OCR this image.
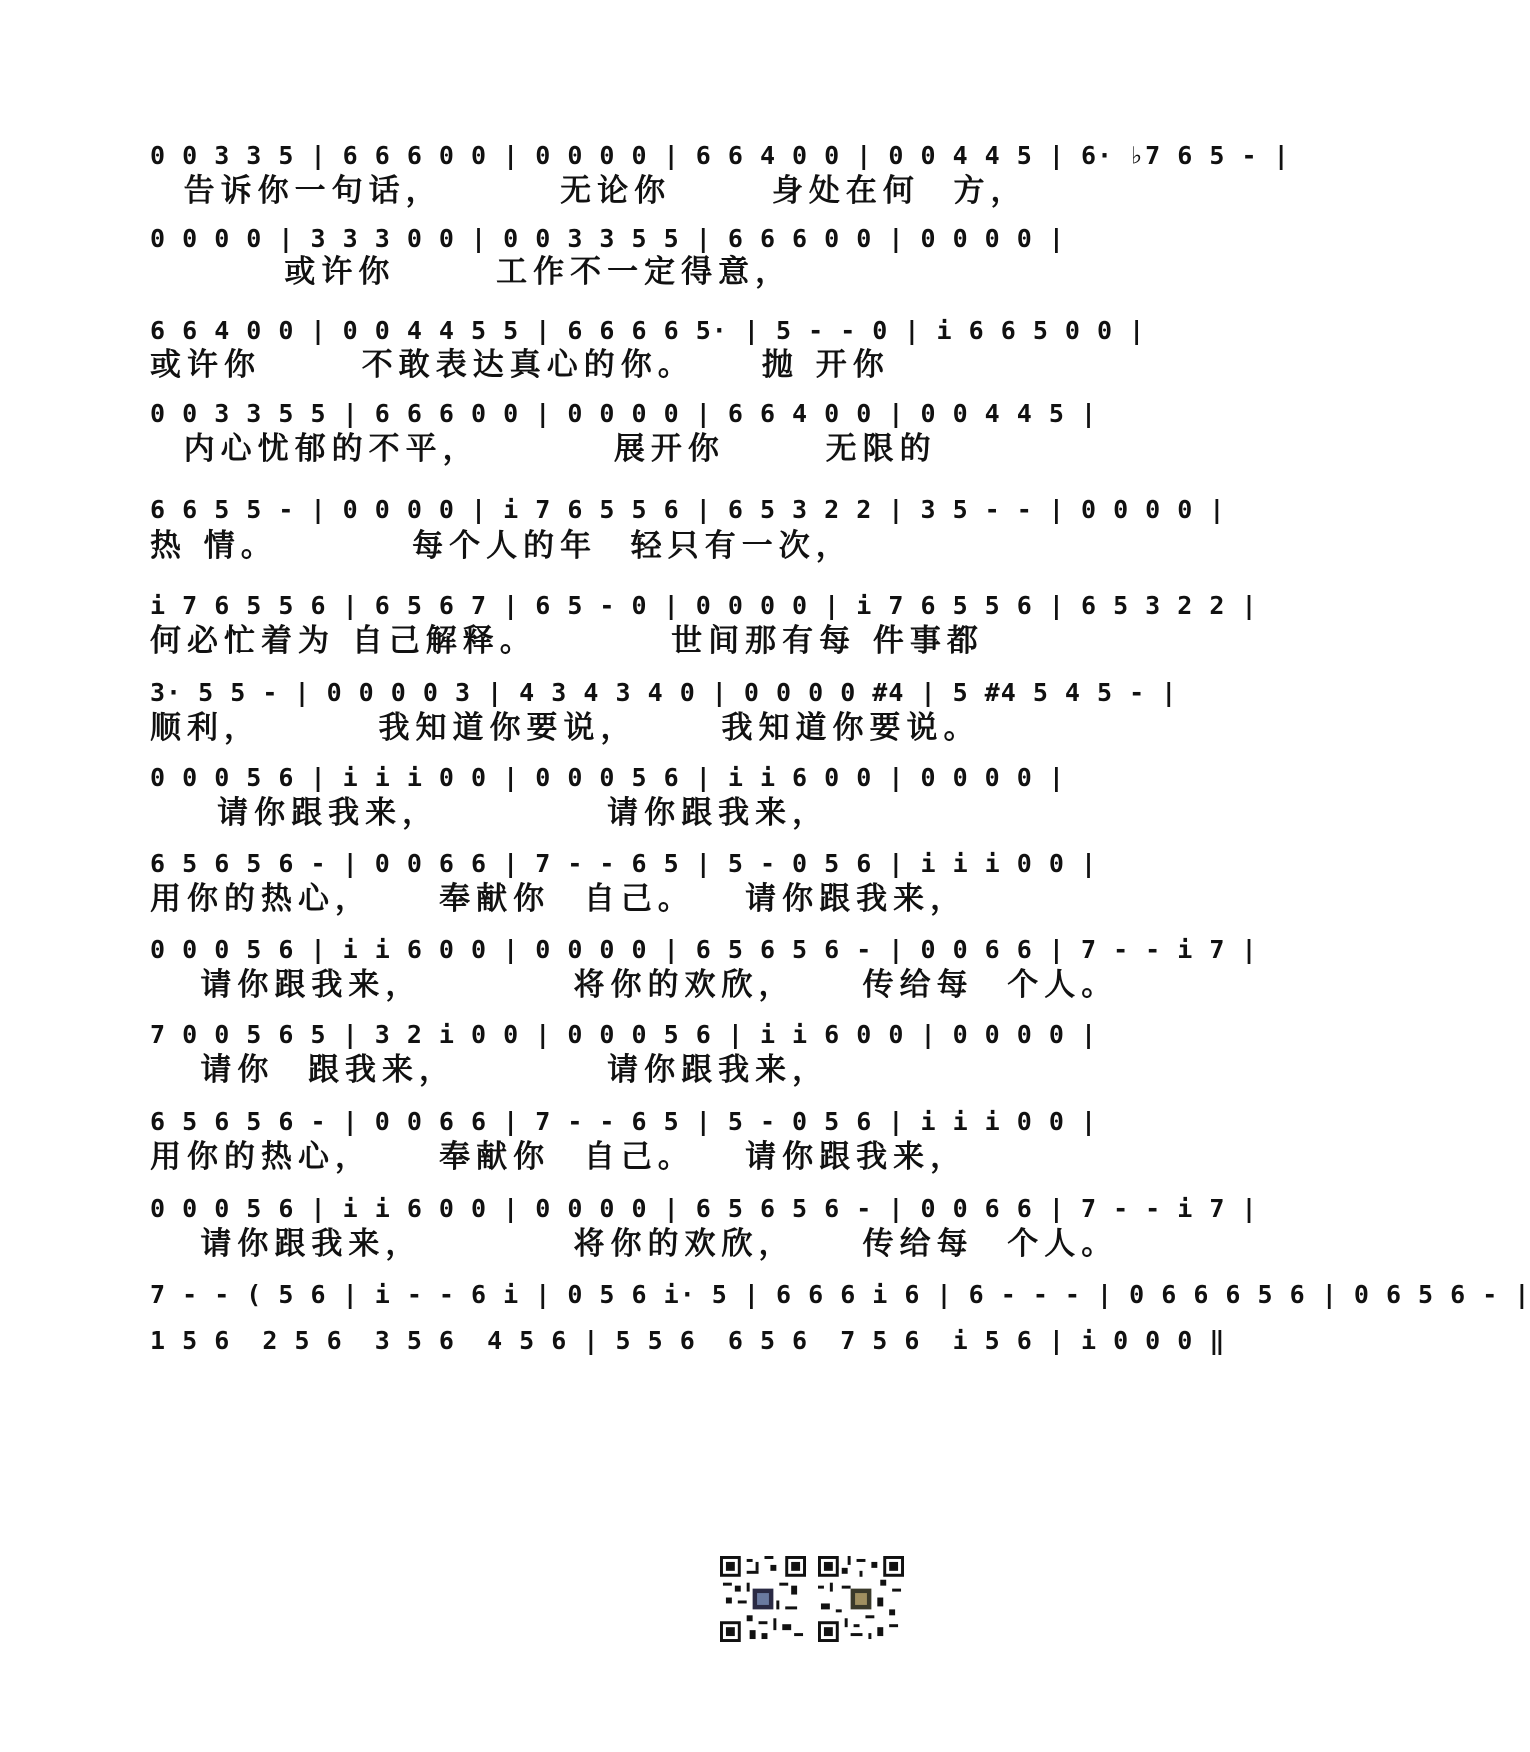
0 0 3 3 5 | 6 6 6 0 0 | 0 0 0 0 | 6 6 4 0 0 | 0 0 4 4 5 | 6· ♭7 6 5 - |
告诉你一句话，       无论你      身处在何  方，
0 0 0 0 | 3 3 3 0 0 | 0 0 3 3 5 5 | 6 6 6 0 0 | 0 0 0 0 |
或许你      工作不一定得意，
6 6 4 0 0 | 0 0 4 4 5 5 | 6 6 6 6 5· | 5 - - 0 | i 6 6 5 0 0 |
或许你      不敢表达真心的你。    抛 开你
0 0 3 3 5 5 | 6 6 6 0 0 | 0 0 0 0 | 6 6 4 0 0 | 0 0 4 4 5 |
内心忧郁的不平，        展开你      无限的
6 6 5 5 - | 0 0 0 0 | i 7 6 5 5 6 | 6 5 3 2 2 | 3 5 - - | 0 0 0 0 |
热 情。        每个人的年  轻只有一次，
i 7 6 5 5 6 | 6 5 6 7 | 6 5 - 0 | 0 0 0 0 | i 7 6 5 5 6 | 6 5 3 2 2 |
何必忙着为 自己解释。        世间那有每 件事都
3· 5 5 - | 0 0 0 0 3 | 4 3 4 3 4 0 | 0 0 0 0 #4 | 5 #4 5 4 5 - |
顺利，       我知道你要说，     我知道你要说。
0 0 0 5 6 | i i i 0 0 | 0 0 0 5 6 | i i 6 0 0 | 0 0 0 0 |
请你跟我来，          请你跟我来，
6 5 6 5 6 - | 0 0 6 6 | 7 - - 6 5 | 5 - 0 5 6 | i i i 0 0 |
用你的热心，    奉献你  自己。   请你跟我来，
0 0 0 5 6 | i i 6 0 0 | 0 0 0 0 | 6 5 6 5 6 - | 0 0 6 6 | 7 - - i 7 |
请你跟我来，         将你的欢欣，    传给每  个人。
7 0 0 5 6 5 | 3 2 i 0 0 | 0 0 0 5 6 | i i 6 0 0 | 0 0 0 0 |
请你  跟我来，         请你跟我来，
6 5 6 5 6 - | 0 0 6 6 | 7 - - 6 5 | 5 - 0 5 6 | i i i 0 0 |
用你的热心，    奉献你  自己。   请你跟我来，
0 0 0 5 6 | i i 6 0 0 | 0 0 0 0 | 6 5 6 5 6 - | 0 0 6 6 | 7 - - i 7 |
请你跟我来，         将你的欢欣，    传给每  个人。
7 - - ( 5 6 | i - - 6 i | 0 5 6 i· 5 | 6 6 6 i 6 | 6 - - - | 0 6 6 6 5 6 | 0 6 5 6 - |
1 5 6  2 5 6  3 5 6  4 5 6 | 5 5 6  6 5 6  7 5 6  i 5 6 | i 0 0 0 ‖
